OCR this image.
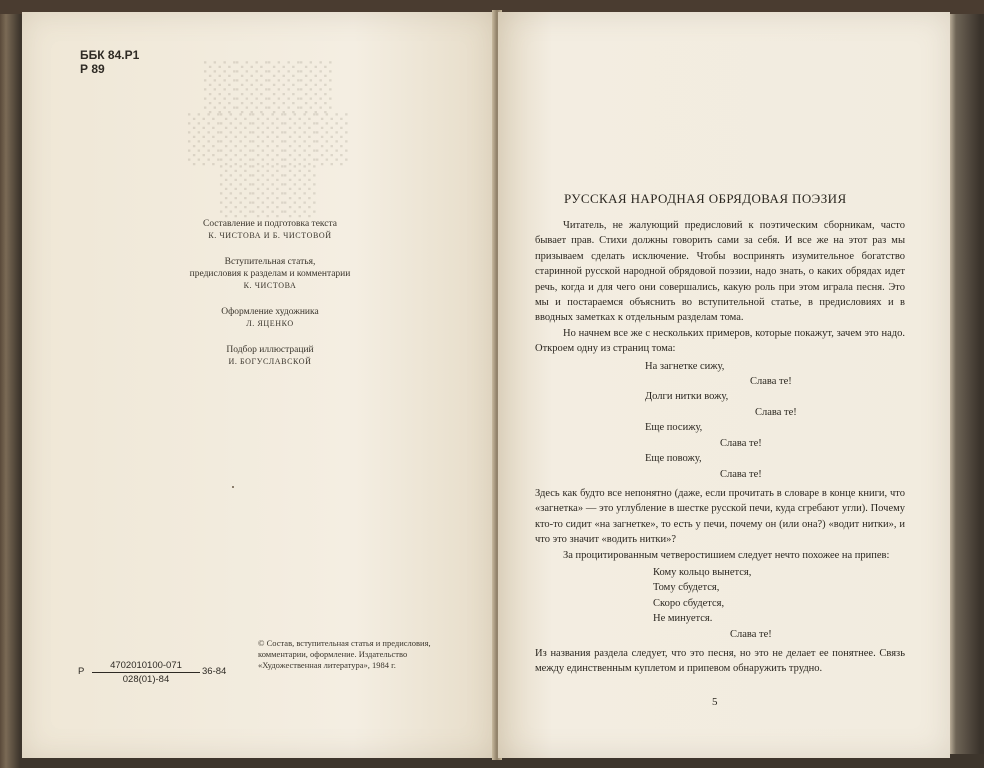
░░░░
░░░░░
░░░
ББК 84.Р1
Р 89
Составление и подготовка текста
К. ЧИСТОВА И Б. ЧИСТОВОЙ
Вступительная статья,
предисловия к разделам и комментарии
К. ЧИСТОВА
Оформление художника
Л. ЯЦЕНКО
Подбор иллюстраций
И. БОГУСЛАВСКОЙ
Р $\frac{4702010100-071}{028(01)-84} 36-84$
© Состав, вступительная статья и предисловия, комментарии, оформление. Издательство «Художественная литература», 1984 г.
РУССКАЯ НАРОДНАЯ ОБРЯДОВАЯ ПОЭЗИЯ

Читатель, не жалующий предисловий к поэтическим сборникам, часто бывает прав. Стихи должны говорить сами за себя. И все же на этот раз мы призываем сделать исключение. Чтобы воспринять изумительное богатство старинной русской народной обрядовой поэзии, надо знать, о каких обрядах идет речь, когда и для чего они совершались, какую роль при этом играла песня. Это мы и постараемся объяснить во вступительной статье, в предисловиях и в вводных заметках к отдельным разделам тома.

Но начнем все же с нескольких примеров, которые покажут, зачем это надо. Откроем одну из страниц тома:

На загнетке сижу,
Слава те!
Долги нитки вожу,
Слава те!
Еще посижу,
Слава те!
Еще повожу,
Слава те!

Здесь как будто все непонятно (даже, если прочитать в словаре в конце книги, что «загнетка» — это углубление в шестке русской печи, куда сгребают угли). Почему кто-то сидит «на загнетке», то есть у печи, почему он (или она?) «водит нитки», и что это значит «водить нитки»?

За процитированным четверостишием следует нечто похожее на припев:

Кому кольцо вынется,
Тому сбудется,
Скоро сбудется,
Не минуется.
Слава те!

Из названия раздела следует, что это песня, но это не делает ее понятнее. Связь между единственным куплетом и припевом обнаружить трудно.

5
